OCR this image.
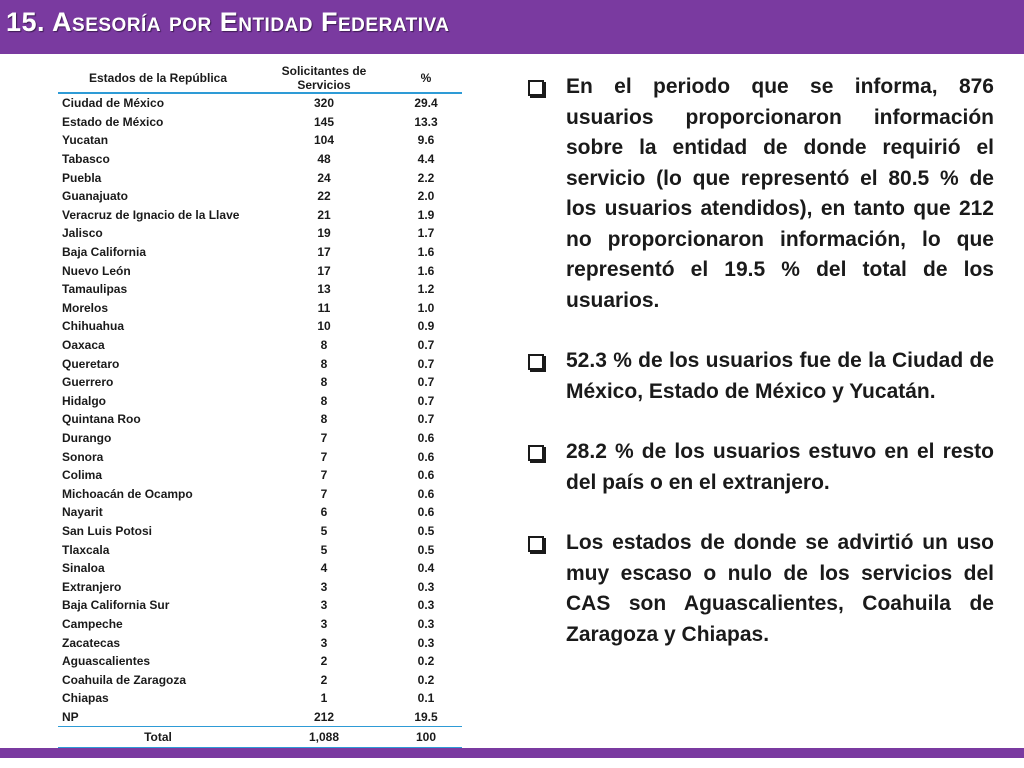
15. Asesoría por Entidad Federativa
Estados de la República	Solicitantes de Servicios	%
Ciudad de México	320	29.4
Estado de México	145	13.3
Yucatan	104	9.6
Tabasco	48	4.4
Puebla	24	2.2
Guanajuato	22	2.0
Veracruz de Ignacio de la Llave	21	1.9
Jalisco	19	1.7
Baja California	17	1.6
Nuevo León	17	1.6
Tamaulipas	13	1.2
Morelos	11	1.0
Chihuahua	10	0.9
Oaxaca	8	0.7
Queretaro	8	0.7
Guerrero	8	0.7
Hidalgo	8	0.7
Quintana Roo	8	0.7
Durango	7	0.6
Sonora	7	0.6
Colima	7	0.6
Michoacán de Ocampo	7	0.6
Nayarit	6	0.6
San Luis Potosi	5	0.5
Tlaxcala	5	0.5
Sinaloa	4	0.4
Extranjero	3	0.3
Baja California Sur	3	0.3
Campeche	3	0.3
Zacatecas	3	0.3
Aguascalientes	2	0.2
Coahuila de Zaragoza	2	0.2
Chiapas	1	0.1
NP	212	19.5
Total	1,088	100
En el periodo que se informa, 876 usuarios proporcionaron información sobre la entidad de donde requirió el servicio (lo que representó el 80.5 % de los usuarios atendidos), en tanto que 212 no proporcionaron información, lo que representó el 19.5 % del total de los usuarios.
52.3 % de los usuarios fue de la Ciudad de México, Estado de México y Yucatán.
28.2 % de los usuarios estuvo en el resto del país o en el extranjero.
Los estados de donde se advirtió un uso muy escaso o nulo de los servicios del CAS son Aguascalientes, Coahuila de Zaragoza y Chiapas.
